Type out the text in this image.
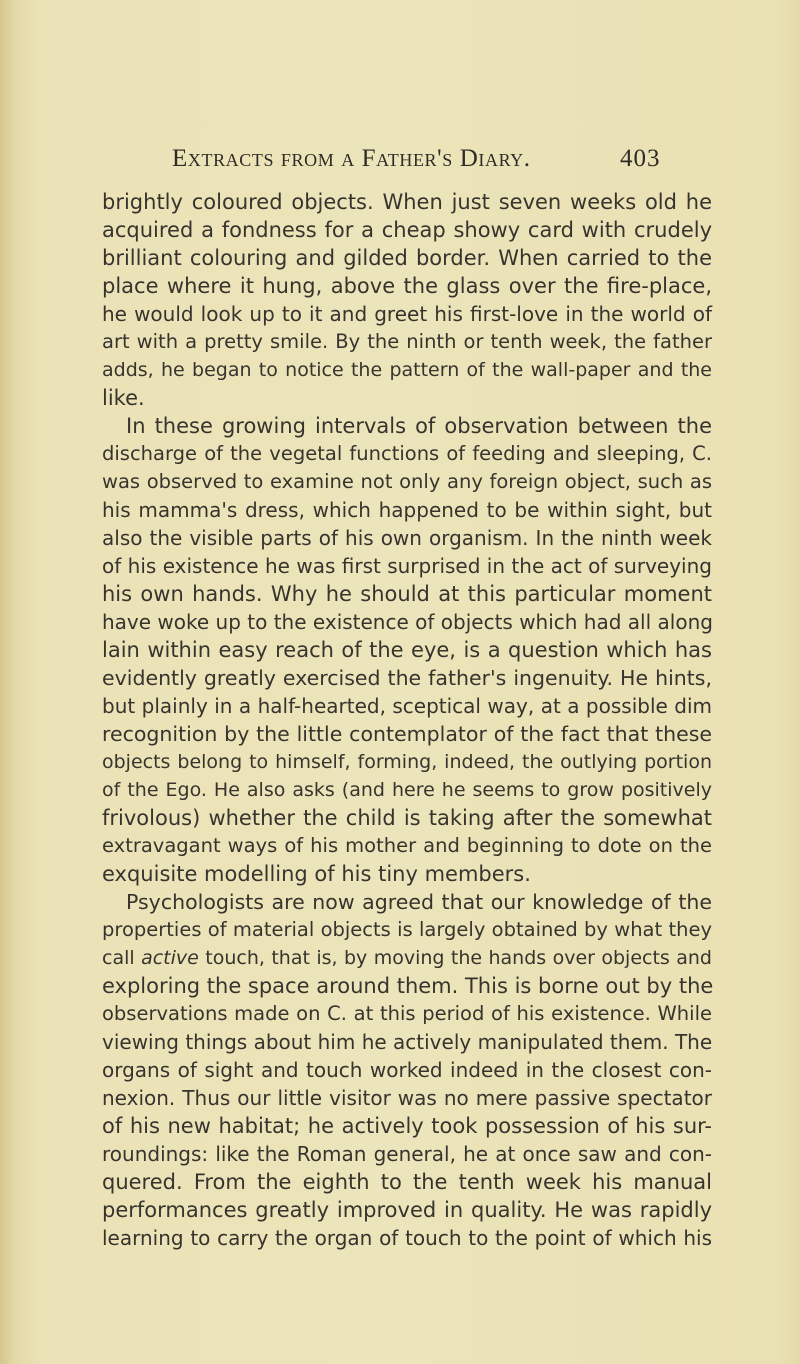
Extracts from a Father's Diary.	403
brightly coloured objects. When just seven weeks old he
acquired a fondness for a cheap showy card with crudely
brilliant colouring and gilded border. When carried to the
place where it hung, above the glass over the fire-place,
he would look up to it and greet his first-love in the world of
art with a pretty smile. By the ninth or tenth week, the father
adds, he began to notice the pattern of the wall-paper and the
like.
In these growing intervals of observation between the
discharge of the vegetal functions of feeding and sleeping, C.
was observed to examine not only any foreign object, such as
his mamma's dress, which happened to be within sight, but
also the visible parts of his own organism. In the ninth week
of his existence he was first surprised in the act of surveying
his own hands. Why he should at this particular moment
have woke up to the existence of objects which had all along
lain within easy reach of the eye, is a question which has
evidently greatly exercised the father's ingenuity. He hints,
but plainly in a half-hearted, sceptical way, at a possible dim
recognition by the little contemplator of the fact that these
objects belong to himself, forming, indeed, the outlying portion
of the Ego. He also asks (and here he seems to grow positively
frivolous) whether the child is taking after the somewhat
extravagant ways of his mother and beginning to dote on the
exquisite modelling of his tiny members.
Psychologists are now agreed that our knowledge of the
properties of material objects is largely obtained by what they
call active touch, that is, by moving the hands over objects and
exploring the space around them. This is borne out by the
observations made on C. at this period of his existence. While
viewing things about him he actively manipulated them. The
organs of sight and touch worked indeed in the closest con-
nexion. Thus our little visitor was no mere passive spectator
of his new habitat; he actively took possession of his sur-
roundings: like the Roman general, he at once saw and con-
quered. From the eighth to the tenth week his manual
performances greatly improved in quality. He was rapidly
learning to carry the organ of touch to the point of which his
